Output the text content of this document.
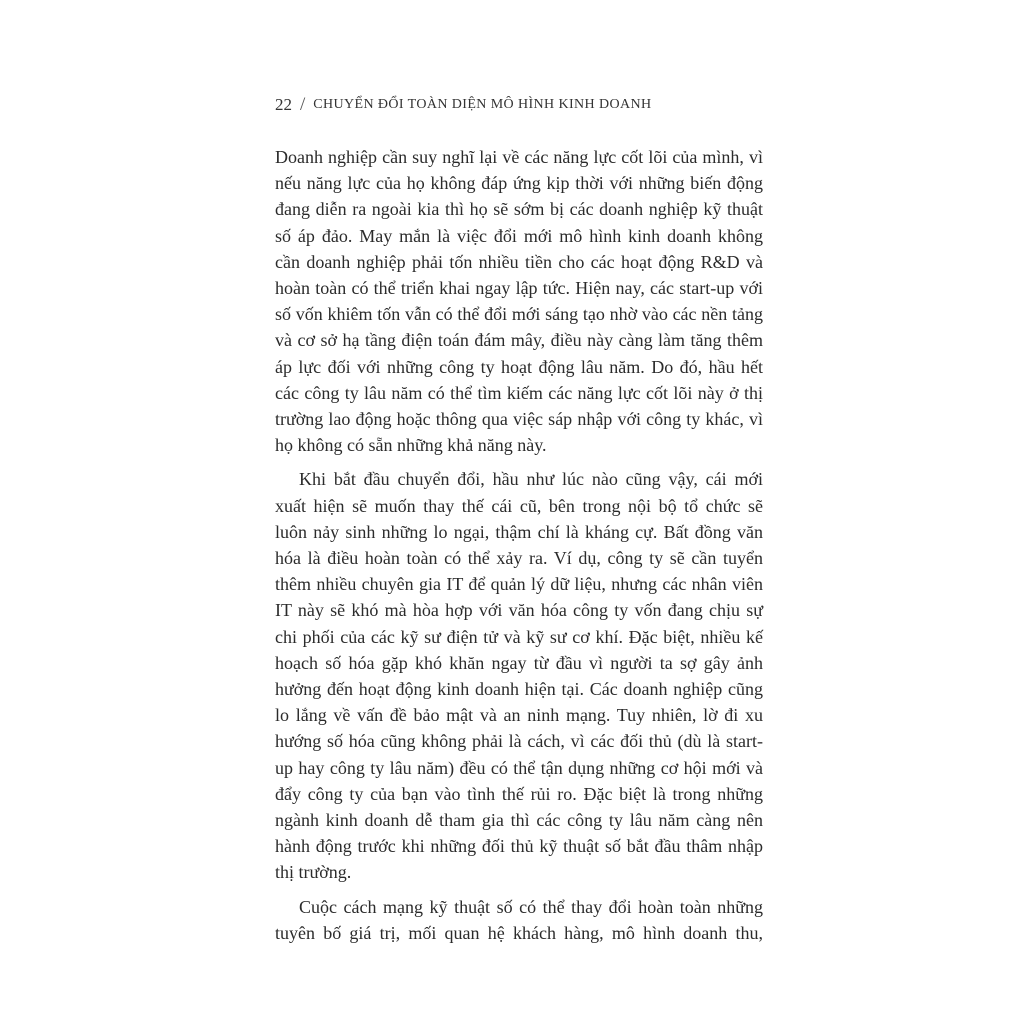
22 / CHUYỂN ĐỔI TOÀN DIỆN MÔ HÌNH KINH DOANH

Doanh nghiệp cần suy nghĩ lại về các năng lực cốt lõi của mình, vì
nếu năng lực của họ không đáp ứng kịp thời với những biến động
đang diễn ra ngoài kia thì họ sẽ sớm bị các doanh nghiệp kỹ thuật
số áp đảo. May mắn là việc đổi mới mô hình kinh doanh không
cần doanh nghiệp phải tốn nhiều tiền cho các hoạt động R&D và
hoàn toàn có thể triển khai ngay lập tức. Hiện nay, các start-up với
số vốn khiêm tốn vẫn có thể đổi mới sáng tạo nhờ vào các nền tảng
và cơ sở hạ tầng điện toán đám mây, điều này càng làm tăng thêm
áp lực đối với những công ty hoạt động lâu năm. Do đó, hầu hết
các công ty lâu năm có thể tìm kiếm các năng lực cốt lõi này ở thị
trường lao động hoặc thông qua việc sáp nhập với công ty khác, vì
họ không có sẵn những khả năng này.

Khi bắt đầu chuyển đổi, hầu như lúc nào cũng vậy, cái mới
xuất hiện sẽ muốn thay thế cái cũ, bên trong nội bộ tổ chức sẽ
luôn nảy sinh những lo ngại, thậm chí là kháng cự. Bất đồng văn
hóa là điều hoàn toàn có thể xảy ra. Ví dụ, công ty sẽ cần tuyển
thêm nhiều chuyên gia IT để quản lý dữ liệu, nhưng các nhân viên
IT này sẽ khó mà hòa hợp với văn hóa công ty vốn đang chịu sự
chi phối của các kỹ sư điện tử và kỹ sư cơ khí. Đặc biệt, nhiều kế
hoạch số hóa gặp khó khăn ngay từ đầu vì người ta sợ gây ảnh
hưởng đến hoạt động kinh doanh hiện tại. Các doanh nghiệp cũng
lo lắng về vấn đề bảo mật và an ninh mạng. Tuy nhiên, lờ đi xu
hướng số hóa cũng không phải là cách, vì các đối thủ (dù là start-
up hay công ty lâu năm) đều có thể tận dụng những cơ hội mới và
đẩy công ty của bạn vào tình thế rủi ro. Đặc biệt là trong những
ngành kinh doanh dễ tham gia thì các công ty lâu năm càng nên
hành động trước khi những đối thủ kỹ thuật số bắt đầu thâm nhập
thị trường.

Cuộc cách mạng kỹ thuật số có thể thay đổi hoàn toàn những
tuyên bố giá trị, mối quan hệ khách hàng, mô hình doanh thu,
